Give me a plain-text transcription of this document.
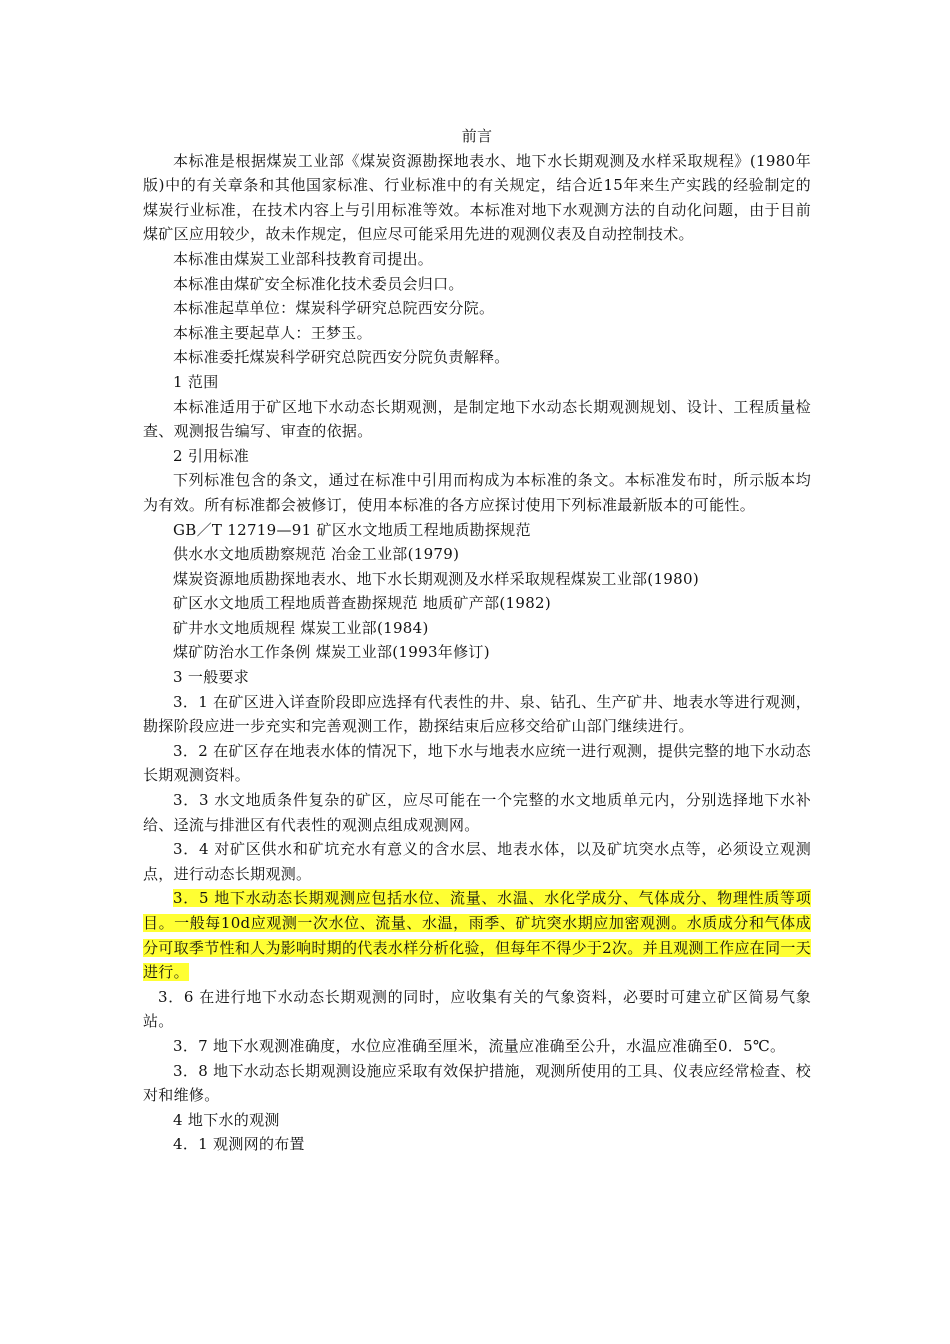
前言

本标准是根据煤炭工业部《煤炭资源勘探地表水、地下水长期观测及水样采取规程》(1980年版)中的有关章条和其他国家标准、行业标准中的有关规定，结合近15年来生产实践的经验制定的煤炭行业标准，在技术内容上与引用标准等效。本标准对地下水观测方法的自动化问题，由于目前煤矿区应用较少，故未作规定，但应尽可能采用先进的观测仪表及自动控制技术。

本标准由煤炭工业部科技教育司提出。

本标准由煤矿安全标准化技术委员会归口。

本标准起草单位：煤炭科学研究总院西安分院。

本标准主要起草人：王梦玉。

本标准委托煤炭科学研究总院西安分院负责解释。

1 范围

本标准适用于矿区地下水动态长期观测，是制定地下水动态长期观测规划、设计、工程质量检查、观测报告编写、审查的依据。

2 引用标准

下列标准包含的条文，通过在标准中引用而构成为本标准的条文。本标准发布时，所示版本均为有效。所有标准都会被修订，使用本标准的各方应探讨使用下列标准最新版本的可能性。

GB／T 12719—91 矿区水文地质工程地质勘探规范

供水水文地质勘察规范 冶金工业部(1979)

煤炭资源地质勘探地表水、地下水长期观测及水样采取规程煤炭工业部(1980)

矿区水文地质工程地质普查勘探规范 地质矿产部(1982)

矿井水文地质规程 煤炭工业部(1984)

煤矿防治水工作条例 煤炭工业部(1993年修订)

3 一般要求

3．1 在矿区进入详查阶段即应选择有代表性的井、泉、钻孔、生产矿井、地表水等进行观测，勘探阶段应进一步充实和完善观测工作，勘探结束后应移交给矿山部门继续进行。

3．2 在矿区存在地表水体的情况下，地下水与地表水应统一进行观测，提供完整的地下水动态长期观测资料。

3．3 水文地质条件复杂的矿区，应尽可能在一个完整的水文地质单元内，分别选择地下水补给、迳流与排泄区有代表性的观测点组成观测网。

3．4 对矿区供水和矿坑充水有意义的含水层、地表水体，以及矿坑突水点等，必须设立观测点，进行动态长期观测。

3．5 地下水动态长期观测应包括水位、流量、水温、水化学成分、气体成分、物理性质等项目。一般每10d应观测一次水位、流量、水温，雨季、矿坑突水期应加密观测。水质成分和气体成分可取季节性和人为影响时期的代表水样分析化验，但每年不得少于2次。并且观测工作应在同一天进行。

3．6 在进行地下水动态长期观测的同时，应收集有关的气象资料，必要时可建立矿区简易气象站。

3．7 地下水观测准确度，水位应准确至厘米，流量应准确至公升，水温应准确至0．5℃。

3．8 地下水动态长期观测设施应采取有效保护措施，观测所使用的工具、仪表应经常检查、校对和维修。

4 地下水的观测

4．1 观测网的布置
